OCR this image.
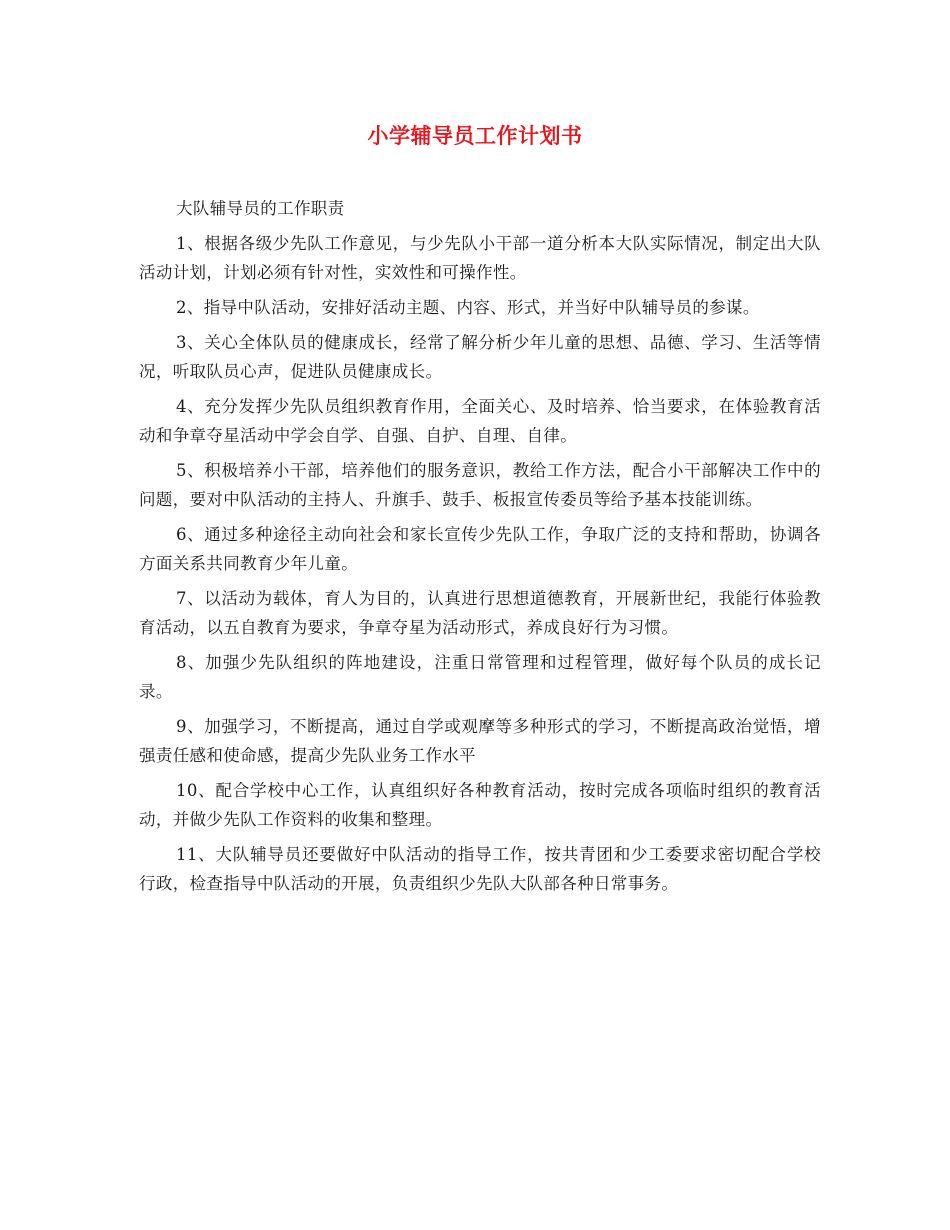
小学辅导员工作计划书

大队辅导员的工作职责

1、根据各级少先队工作意见，与少先队小干部一道分析本大队实际情况，制定出大队活动计划，计划必须有针对性，实效性和可操作性。

2、指导中队活动，安排好活动主题、内容、形式，并当好中队辅导员的参谋。

3、关心全体队员的健康成长，经常了解分析少年儿童的思想、品德、学习、生活等情况，听取队员心声，促进队员健康成长。

4、充分发挥少先队员组织教育作用，全面关心、及时培养、恰当要求，在体验教育活动和争章夺星活动中学会自学、自强、自护、自理、自律。

5、积极培养小干部，培养他们的服务意识，教给工作方法，配合小干部解决工作中的问题，要对中队活动的主持人、升旗手、鼓手、板报宣传委员等给予基本技能训练。

6、通过多种途径主动向社会和家长宣传少先队工作，争取广泛的支持和帮助，协调各方面关系共同教育少年儿童。

7、以活动为载体，育人为目的，认真进行思想道德教育，开展新世纪，我能行体验教育活动，以五自教育为要求，争章夺星为活动形式，养成良好行为习惯。

8、加强少先队组织的阵地建设，注重日常管理和过程管理，做好每个队员的成长记录。

9、加强学习，不断提高，通过自学或观摩等多种形式的学习，不断提高政治觉悟，增强责任感和使命感，提高少先队业务工作水平

10、配合学校中心工作，认真组织好各种教育活动，按时完成各项临时组织的教育活动，并做少先队工作资料的收集和整理。

11、大队辅导员还要做好中队活动的指导工作，按共青团和少工委要求密切配合学校行政，检查指导中队活动的开展，负责组织少先队大队部各种日常事务。
